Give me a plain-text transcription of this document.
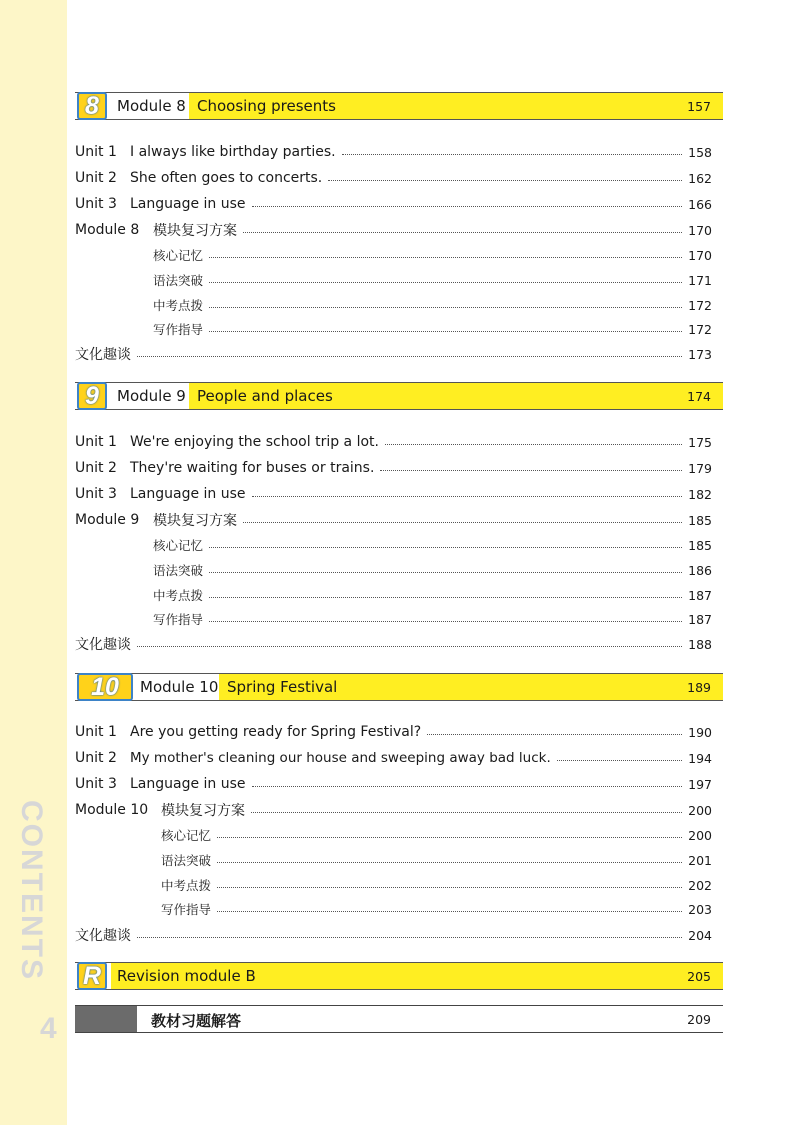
CONTENTS
4
8	Module 8 Choosing presents	157
Unit 1 I always like birthday parties.	158
Unit 2 She often goes to concerts.	162
Unit 3 Language in use	166
Module 8 模块复习方案	170
核心记忆	170
语法突破	171
中考点拨	172
写作指导	172
文化趣谈	173
9	Module 9 People and places	174
Unit 1 We're enjoying the school trip a lot.	175
Unit 2 They're waiting for buses or trains.	179
Unit 3 Language in use	182
Module 9 模块复习方案	185
核心记忆	185
语法突破	186
中考点拨	187
写作指导	187
文化趣谈	188
10	Module 10 Spring Festival	189
Unit 1 Are you getting ready for Spring Festival?	190
Unit 2 My mother's cleaning our house and sweeping away bad luck.	194
Unit 3 Language in use	197
Module 10 模块复习方案	200
核心记忆	200
语法突破	201
中考点拨	202
写作指导	203
文化趣谈	204
R	Revision module B	205
教材习题解答	209
